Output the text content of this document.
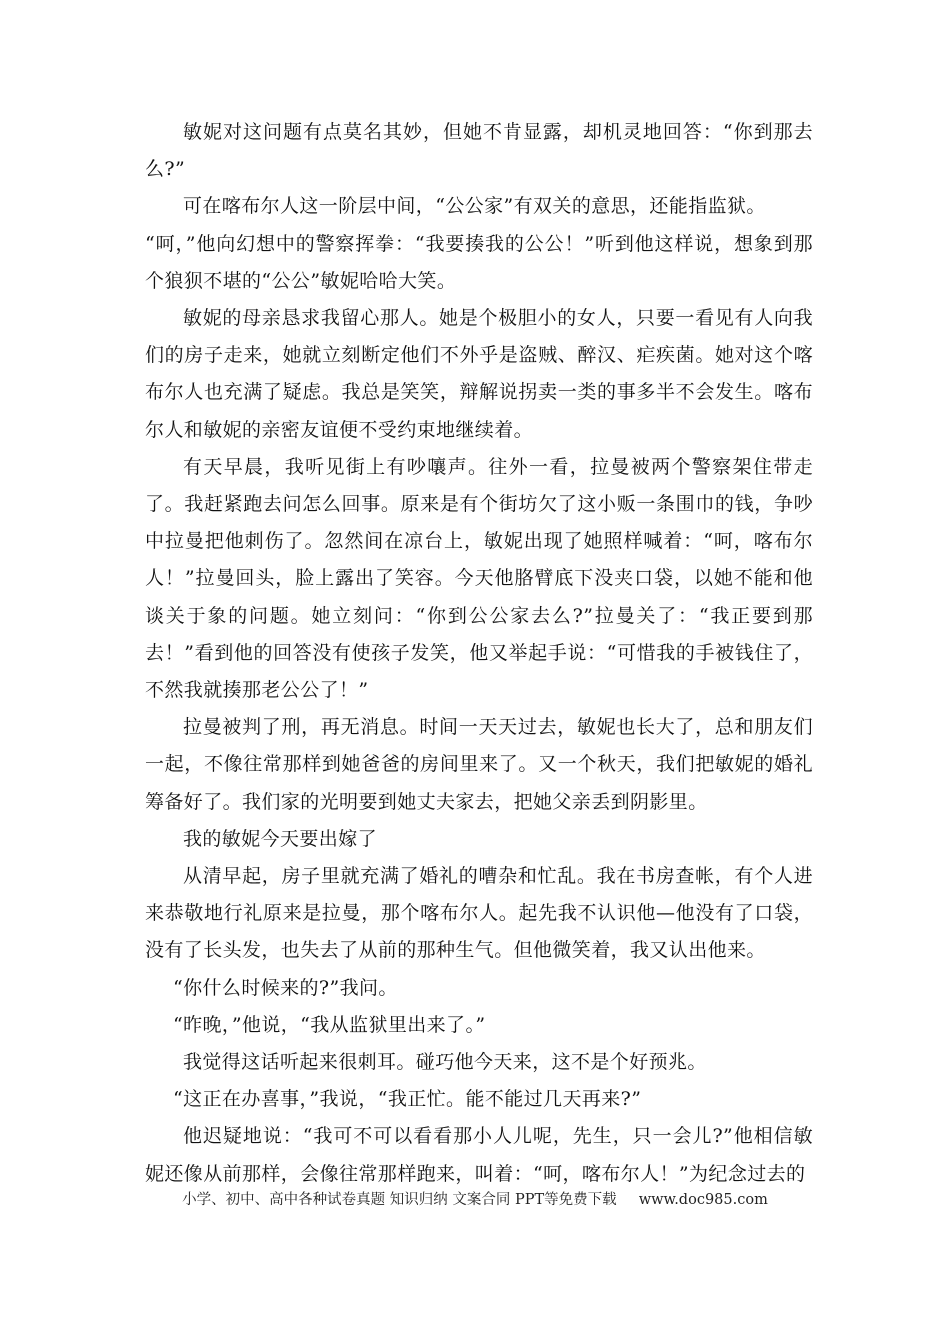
敏妮对这问题有点莫名其妙，但她不肯显露，却机灵地回答：“你到那去么?”

可在喀布尔人这一阶层中间，“公公家”有双关的意思，还能指监狱。

“呵，”他向幻想中的警察挥拳：“我要揍我的公公！”听到他这样说，想象到那个狼狈不堪的“公公”敏妮哈哈大笑。

敏妮的母亲恳求我留心那人。她是个极胆小的女人，只要一看见有人向我们的房子走来，她就立刻断定他们不外乎是盗贼、醉汉、疟疾菌。她对这个喀布尔人也充满了疑虑。我总是笑笑，辩解说拐卖一类的事多半不会发生。喀布尔人和敏妮的亲密友谊便不受约束地继续着。

有天早晨，我听见街上有吵嚷声。往外一看，拉曼被两个警察架住带走了。我赶紧跑去问怎么回事。原来是有个街坊欠了这小贩一条围巾的钱，争吵中拉曼把他刺伤了。忽然间在凉台上，敏妮出现了她照样喊着：“呵，喀布尔人！”拉曼回头，脸上露出了笑容。今天他胳臂底下没夹口袋，以她不能和他谈关于象的问题。她立刻问：“你到公公家去么?”拉曼关了：“我正要到那去！”看到他的回答没有使孩子发笑，他又举起手说：“可惜我的手被钱住了，不然我就揍那老公公了！”

拉曼被判了刑，再无消息。时间一天天过去，敏妮也长大了，总和朋友们一起，不像往常那样到她爸爸的房间里来了。又一个秋天，我们把敏妮的婚礼筹备好了。我们家的光明要到她丈夫家去，把她父亲丢到阴影里。

我的敏妮今天要出嫁了

从清早起，房子里就充满了婚礼的嘈杂和忙乱。我在书房查帐，有个人进来恭敬地行礼原来是拉曼，那个喀布尔人。起先我不认识他—他没有了口袋，没有了长头发，也失去了从前的那种生气。但他微笑着，我又认出他来。

“你什么时候来的?”我问。

“昨晚，”他说，“我从监狱里出来了。”

我觉得这话听起来很刺耳。碰巧他今天来，这不是个好预兆。

“这正在办喜事，”我说，“我正忙。能不能过几天再来?”

他迟疑地说：“我可不可以看看那小人儿呢，先生，只一会儿?”他相信敏妮还像从前那样，会像往常那样跑来，叫着：“呵，喀布尔人！”为纪念过去的

小学、初中、高中各种试卷真题 知识归纳 文案合同 PPT等免费下载 www.doc985.com
